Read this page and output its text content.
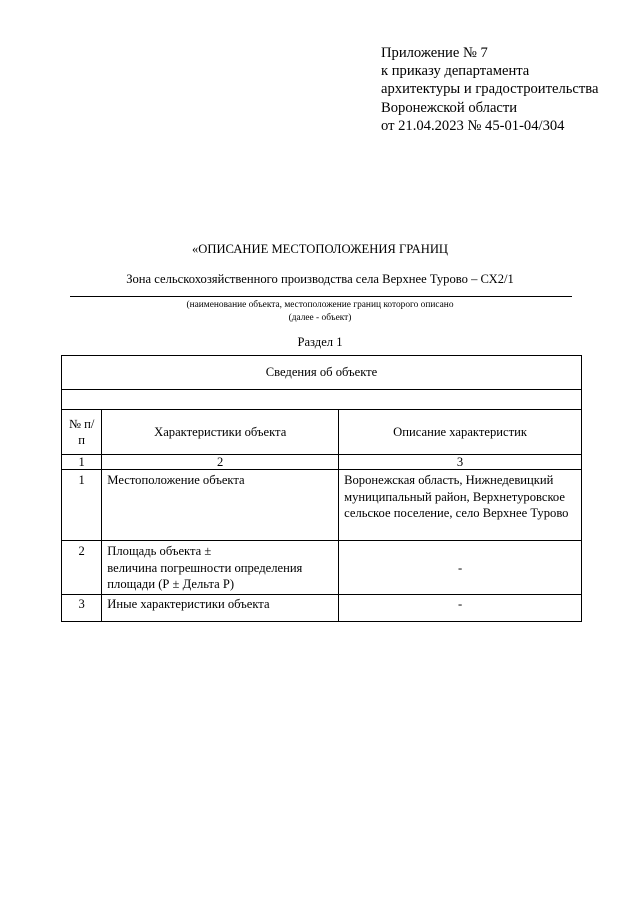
Приложение № 7
к приказу департамента
архитектуры и градостроительства
Воронежской области
от 21.04.2023 № 45-01-04/304
«ОПИСАНИЕ МЕСТОПОЛОЖЕНИЯ ГРАНИЦ
Зона сельскохозяйственного производства села Верхнее Турово – СХ2/1
(наименование объекта, местоположение границ которого описано
(далее - объект)
Раздел 1
Сведения об объекте		

№ п/п	Характеристики объекта	Описание характеристик
1	2	3
1	Местоположение объекта	Воронежская область, Нижнедевицкий муниципальный район, Верхнетуровское сельское поселение, село Верхнее Турово
2	Площадь объекта ±
величина погрешности определения
площади (Р ± Дельта Р)	-
3	Иные характеристики объекта	-
